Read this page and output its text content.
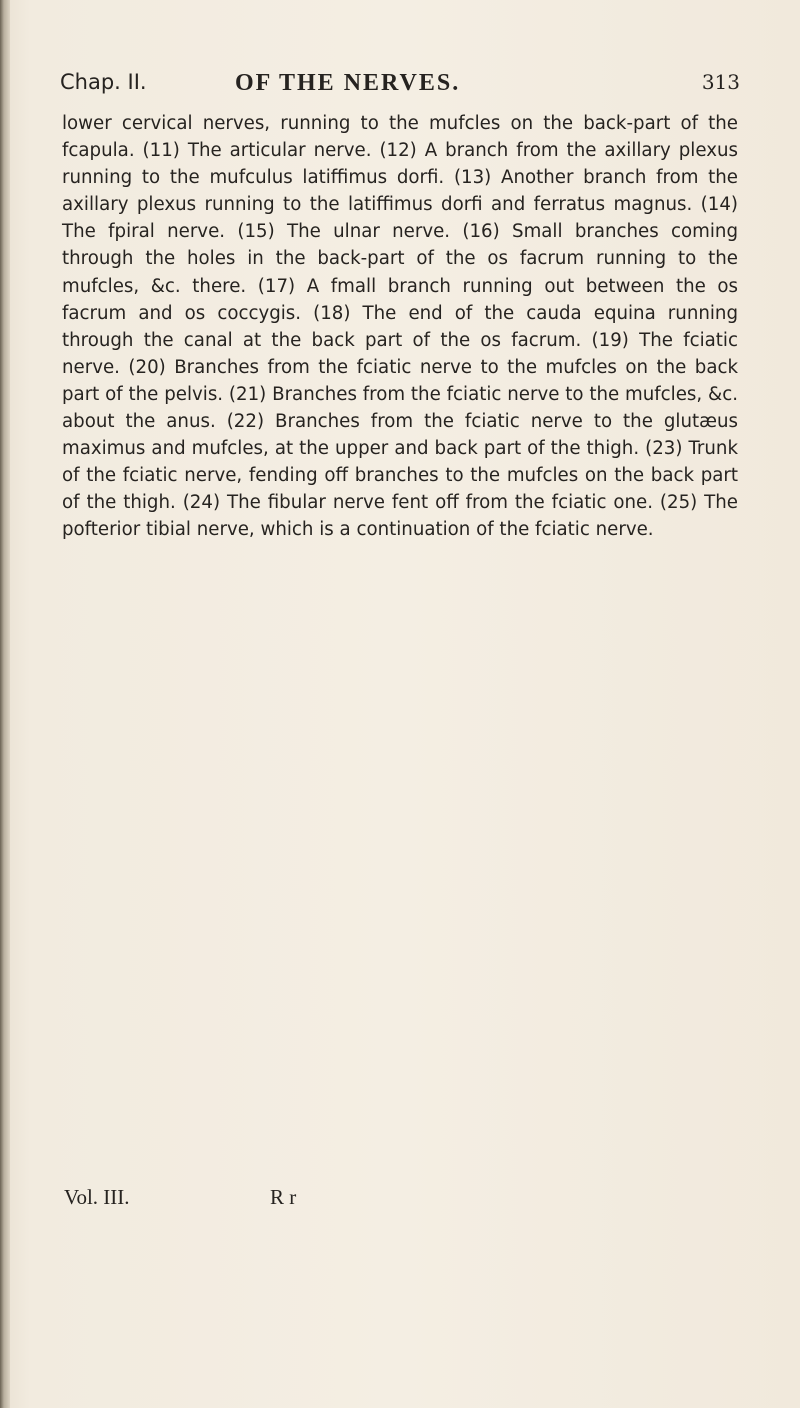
Chap. II.	OF THE NERVES.	313

lower cervical nerves, running to the mufcles on the back-part of the fcapula. (11) The articular nerve. (12) A branch from the axillary plexus running to the mufculus latiffimus dorfi. (13) Another branch from the axillary plexus running to the latiffimus dorfi and ferratus magnus. (14) The fpiral nerve. (15) The ulnar nerve. (16) Small branches coming through the holes in the back-part of the os facrum running to the mufcles, &c. there. (17) A fmall branch running out between the os facrum and os coccygis. (18) The end of the cauda equina running through the canal at the back part of the os facrum. (19) The fciatic nerve. (20) Branches from the fciatic nerve to the mufcles on the back part of the pelvis. (21) Branches from the fciatic nerve to the mufcles, &c. about the anus. (22) Branches from the fciatic nerve to the glutæus maximus and mufcles, at the upper and back part of the thigh. (23) Trunk of the fciatic nerve, fending off branches to the mufcles on the back part of the thigh. (24) The fibular nerve fent off from the fciatic one. (25) The pofterior tibial nerve, which is a continuation of the fciatic nerve.

Vol. III.	R r
